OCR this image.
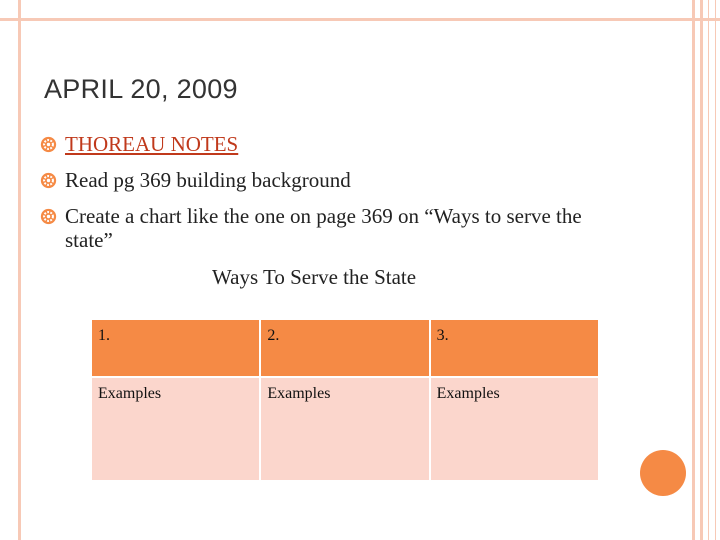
APRIL 20, 2009
THOREAU NOTES
Read pg 369 building background
Create a chart like the one on page 369 on “Ways to serve the state”
Ways To Serve the State
1.	2.	3.
Examples	Examples	Examples
